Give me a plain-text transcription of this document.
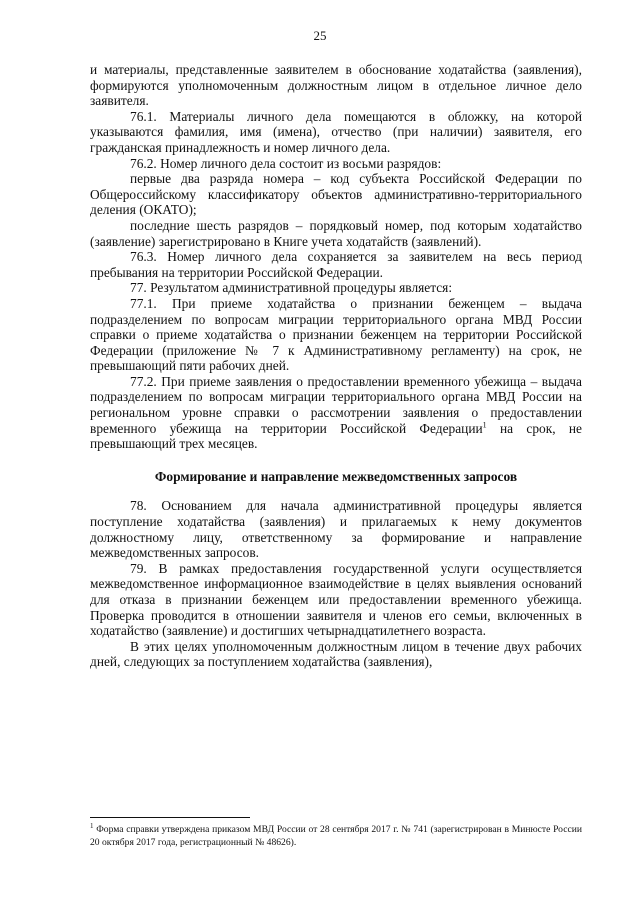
25

и материалы, представленные заявителем в обоснование ходатайства (заявления), формируются уполномоченным должностным лицом в отдельное личное дело заявителя.

76.1. Материалы личного дела помещаются в обложку, на которой указываются фамилия, имя (имена), отчество (при наличии) заявителя, его гражданская принадлежность и номер личного дела.

76.2. Номер личного дела состоит из восьми разрядов:

первые два разряда номера – код субъекта Российской Федерации по Общероссийскому классификатору объектов административно-территориального деления (ОКАТО);

последние шесть разрядов – порядковый номер, под которым ходатайство (заявление) зарегистрировано в Книге учета ходатайств (заявлений).

76.3. Номер личного дела сохраняется за заявителем на весь период пребывания на территории Российской Федерации.

77. Результатом административной процедуры является:

77.1. При приеме ходатайства о признании беженцем – выдача подразделением по вопросам миграции территориального органа МВД России справки о приеме ходатайства о признании беженцем на территории Российской Федерации (приложение № 7 к Административному регламенту) на срок, не превышающий пяти рабочих дней.

77.2. При приеме заявления о предоставлении временного убежища – выдача подразделением по вопросам миграции территориального органа МВД России на региональном уровне справки о рассмотрении заявления о предоставлении временного убежища на территории Российской Федерации$^1$ на срок, не превышающий трех месяцев.

Формирование и направление межведомственных запросов

78. Основанием для начала административной процедуры является поступление ходатайства (заявления) и прилагаемых к нему документов должностному лицу, ответственному за формирование и направление межведомственных запросов.

79. В рамках предоставления государственной услуги осуществляется межведомственное информационное взаимодействие в целях выявления оснований для отказа в признании беженцем или предоставлении временного убежища. Проверка проводится в отношении заявителя и членов его семьи, включенных в ходатайство (заявление) и достигших четырнадцатилетнего возраста.

В этих целях уполномоченным должностным лицом в течение двух рабочих дней, следующих за поступлением ходатайства (заявления),

$^1$ Форма справки утверждена приказом МВД России от 28 сентября 2017 г. № 741 (зарегистрирован в Минюсте России 20 октября 2017 года, регистрационный № 48626).
